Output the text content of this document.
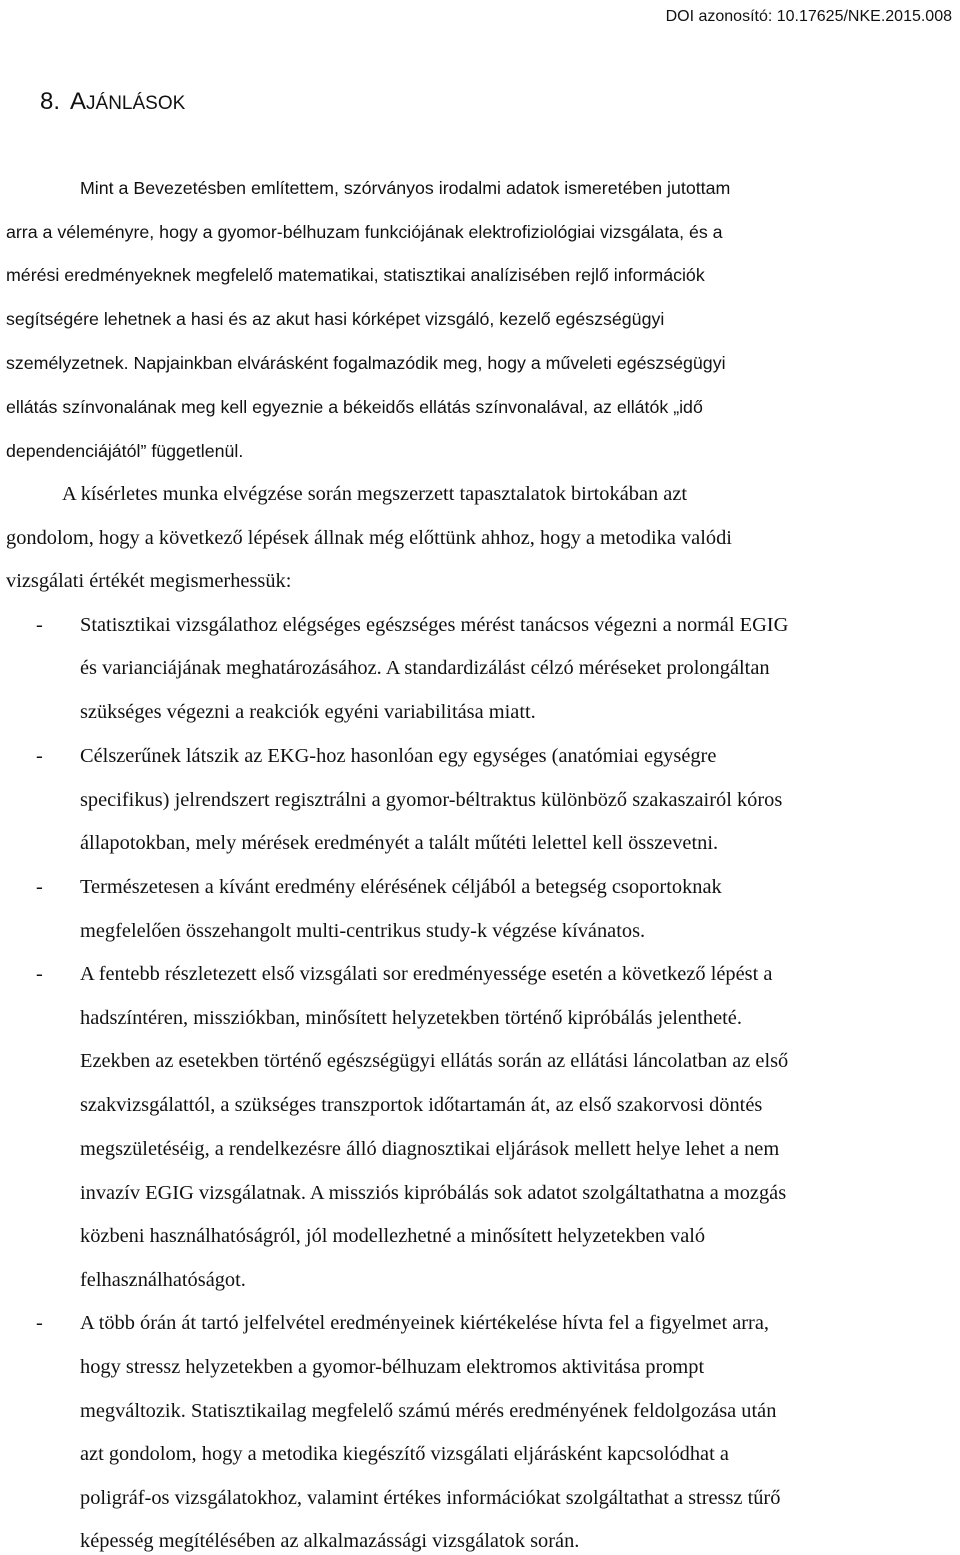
DOI azonosító: 10.17625/NKE.2015.008
8. AJÁNLÁSOK
Mint a Bevezetésben említettem, szórványos irodalmi adatok ismeretében jutottam
arra a véleményre, hogy a gyomor-bélhuzam funkciójának elektrofiziológiai vizsgálata, és a
mérési eredményeknek megfelelő matematikai, statisztikai analízisében rejlő információk
segítségére lehetnek a hasi és az akut hasi kórképet vizsgáló, kezelő egészségügyi
személyzetnek. Napjainkban elvárásként fogalmazódik meg, hogy a műveleti egészségügyi
ellátás színvonalának meg kell egyeznie a békeidős ellátás színvonalával, az ellátók „idő
dependenciájától” függetlenül.
A kísérletes munka elvégzése során megszerzett tapasztalatok birtokában azt
gondolom, hogy a következő lépések állnak még előttünk ahhoz, hogy a metodika valódi
vizsgálati értékét megismerhessük:
- Statisztikai vizsgálathoz elégséges egészséges mérést tanácsos végezni a normál EGIG
és varianciájának meghatározásához. A standardizálást célzó méréseket prolongáltan
szükséges végezni a reakciók egyéni variabilitása miatt.
- Célszerűnek látszik az EKG-hoz hasonlóan egy egységes (anatómiai egységre
specifikus) jelrendszert regisztrálni a gyomor-béltraktus különböző szakaszairól kóros
állapotokban, mely mérések eredményét a talált műtéti lelettel kell összevetni.
- Természetesen a kívánt eredmény elérésének céljából a betegség csoportoknak
megfelelően összehangolt multi-centrikus study-k végzése kívánatos.
- A fentebb részletezett első vizsgálati sor eredményessége esetén a következő lépést a
hadszíntéren, missziókban, minősített helyzetekben történő kipróbálás jelentheté.
Ezekben az esetekben történő egészségügyi ellátás során az ellátási láncolatban az első
szakvizsgálattól, a szükséges transzportok időtartamán át, az első szakorvosi döntés
megszületéséig, a rendelkezésre álló diagnosztikai eljárások mellett helye lehet a nem
invazív EGIG vizsgálatnak. A missziós kipróbálás sok adatot szolgáltathatna a mozgás
közbeni használhatóságról, jól modellezhetné a minősített helyzetekben való
felhasználhatóságot.
- A több órán át tartó jelfelvétel eredményeinek kiértékelése hívta fel a figyelmet arra,
hogy stressz helyzetekben a gyomor-bélhuzam elektromos aktivitása prompt
megváltozik. Statisztikailag megfelelő számú mérés eredményének feldolgozása után
azt gondolom, hogy a metodika kiegészítő vizsgálati eljárásként kapcsolódhat a
poligráf-os vizsgálatokhoz, valamint értékes információkat szolgáltathat a stressz tűrő
képesség megítélésében az alkalmazássági vizsgálatok során.
